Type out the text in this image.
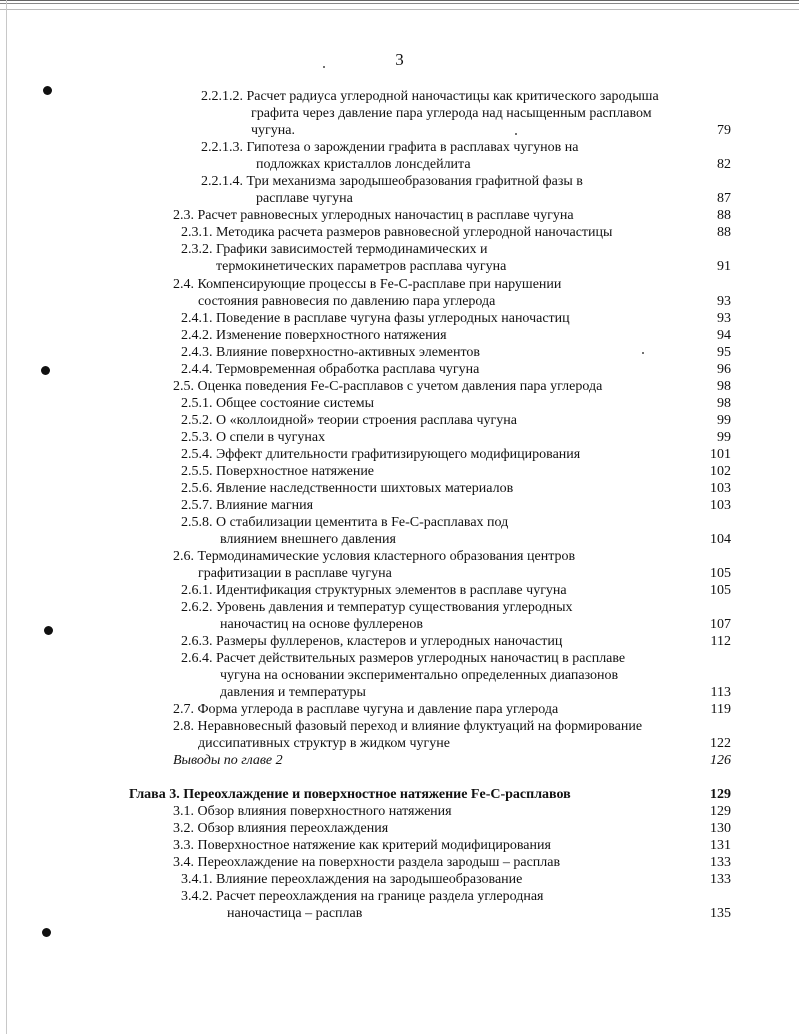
3
2.2.1.2. Расчет радиуса углеродной наночастицы как критического зародыша
графита через давление пара углерода над насыщенным расплавом
чугуна.	79
2.2.1.3. Гипотеза о зарождении графита в расплавах чугунов на
подложках кристаллов лонсдейлита	82
2.2.1.4. Три механизма зародышеобразования графитной фазы в
расплаве чугуна	87
2.3. Расчет равновесных углеродных наночастиц в расплаве чугуна	88
2.3.1. Методика расчета размеров равновесной углеродной наночастицы	88
2.3.2. Графики зависимостей термодинамических и
термокинетических параметров расплава чугуна	91
2.4. Компенсирующие процессы в Fe-C-расплаве при нарушении
состояния равновесия по давлению пара углерода	93
2.4.1. Поведение в расплаве чугуна фазы углеродных наночастиц	93
2.4.2. Изменение поверхностного натяжения	94
2.4.3. Влияние поверхностно-активных элементов	95
2.4.4. Термовременная обработка расплава чугуна	96
2.5. Оценка поведения Fe-C-расплавов с учетом давления пара углерода	98
2.5.1. Общее состояние системы	98
2.5.2. О «коллоидной» теории строения расплава чугуна	99
2.5.3. О спели в чугунах	99
2.5.4. Эффект длительности графитизирующего модифицирования	101
2.5.5. Поверхностное натяжение	102
2.5.6. Явление наследственности шихтовых материалов	103
2.5.7. Влияние магния	103
2.5.8. О стабилизации цементита в Fe-C-расплавах под
влиянием внешнего давления	104
2.6. Термодинамические условия кластерного образования центров
графитизации в расплаве чугуна	105
2.6.1. Идентификация структурных элементов в расплаве чугуна	105
2.6.2. Уровень давления и температур существования углеродных
наночастиц на основе фуллеренов	107
2.6.3. Размеры фуллеренов, кластеров и углеродных наночастиц	112
2.6.4. Расчет действительных размеров углеродных наночастиц в расплаве
чугуна на основании экспериментально определенных диапазонов
давления и температуры	113
2.7. Форма углерода в расплаве чугуна и давление пара углерода	119
2.8. Неравновесный фазовый переход и влияние флуктуаций на формирование
диссипативных структур в жидком чугуне	122
Выводы по главе 2	126
Глава 3. Переохлаждение и поверхностное натяжение Fe-C-расплавов	129
3.1. Обзор влияния поверхностного натяжения	129
3.2. Обзор влияния переохлаждения	130
3.3. Поверхностное натяжение как критерий модифицирования	131
3.4. Переохлаждение на поверхности раздела зародыш – расплав	133
3.4.1. Влияние переохлаждения на зародышеобразование	133
3.4.2. Расчет переохлаждения на границе раздела углеродная
наночастица – расплав	135
